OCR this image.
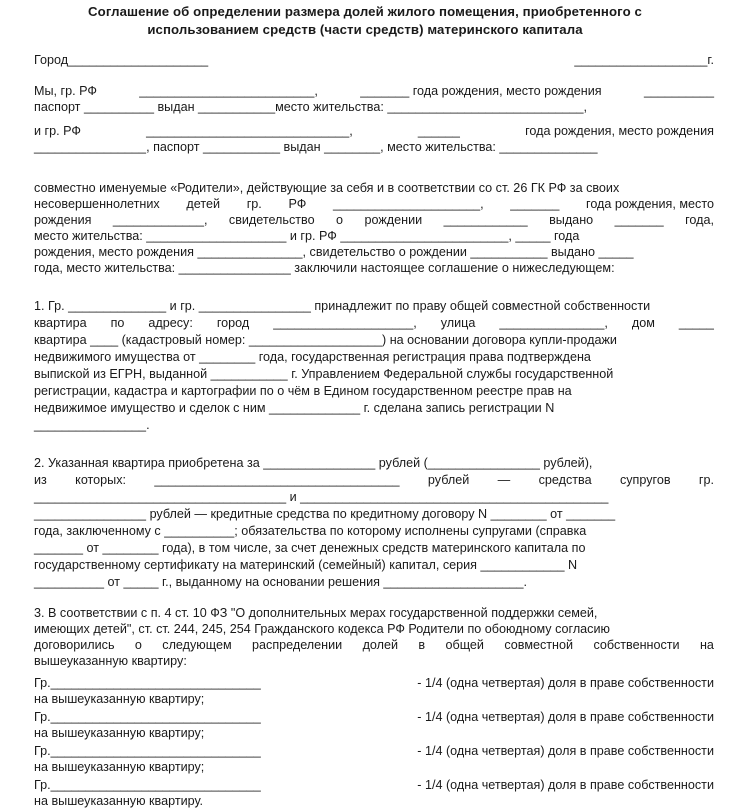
Соглашение об определении размера долей жилого помещения, приобретенного с
использованием средств (части средств) материнского капитала
Город____________________	___________________г.
Мы, гр. РФ	_________________________,	_______ года рождения, место рождения	__________
паспорт __________ выдан ___________место жительства: ____________________________,
и гр. РФ	_____________________________,	______	года рождения, место рождения
________________, паспорт ___________ выдан ________, место жительства: ______________
совместно именуемые «Родители», действующие за себя и в соответствии со ст. 26 ГК РФ за своих
несовершеннолетних детей гр. РФ _____________________, _______ года рождения, место
рождения _____________, свидетельство о рождении ____________ выдано _______ года,
место жительства: ____________________ и гр. РФ ________________________, _____ года
рождения, место рождения _______________, свидетельство о рождении ___________ выдано _____
года, место жительства: ________________ заключили настоящее соглашение о нижеследующем:
1. Гр. ______________ и гр. ________________ принадлежит по праву общей совместной собственности
квартира по адресу: город ____________________, улица _______________, дом _____
квартира ____ (кадастровый номер: ___________________) на основании договора купли-продажи
недвижимого имущества от ________ года, государственная регистрация права подтверждена
выпиской из ЕГРН, выданной ___________ г. Управлением Федеральной службы государственной
регистрации, кадастра и картографии по о чём в Едином государственном реестре прав на
недвижимое имущество и сделок с ним _____________ г. сделана запись регистрации N
________________.
2. Указанная квартира приобретена за ________________ рублей (________________ рублей),
из которых: ___________________________________ рублей — средства супругов гр.
____________________________________ и ____________________________________________
________________ рублей — кредитные средства по кредитному договору N ________ от _______
года, заключенному с __________; обязательства по которому исполнены супругами (справка
_______ от ________ года), в том числе, за счет денежных средств материнского капитала по
государственному сертификату на материнский (семейный) капитал, серия ____________ N
__________ от _____ г., выданному на основании решения ____________________.
3. В соответствии с п. 4 ст. 10 ФЗ "О дополнительных мерах государственной поддержки семей,
имеющих детей", ст. ст. 244, 245, 254 Гражданского кодекса РФ Родители по обоюдному согласию
договорились о следующем распределении долей в общей совместной собственности на
вышеуказанную квартиру:
Гр.______________________________	- 1/4 (одна четвертая) доля в праве собственности
на вышеуказанную квартиру;
Гр.______________________________	- 1/4 (одна четвертая) доля в праве собственности
на вышеуказанную квартиру;
Гр.______________________________	- 1/4 (одна четвертая) доля в праве собственности
на вышеуказанную квартиру;
Гр.______________________________	- 1/4 (одна четвертая) доля в праве собственности
на вышеуказанную квартиру.
